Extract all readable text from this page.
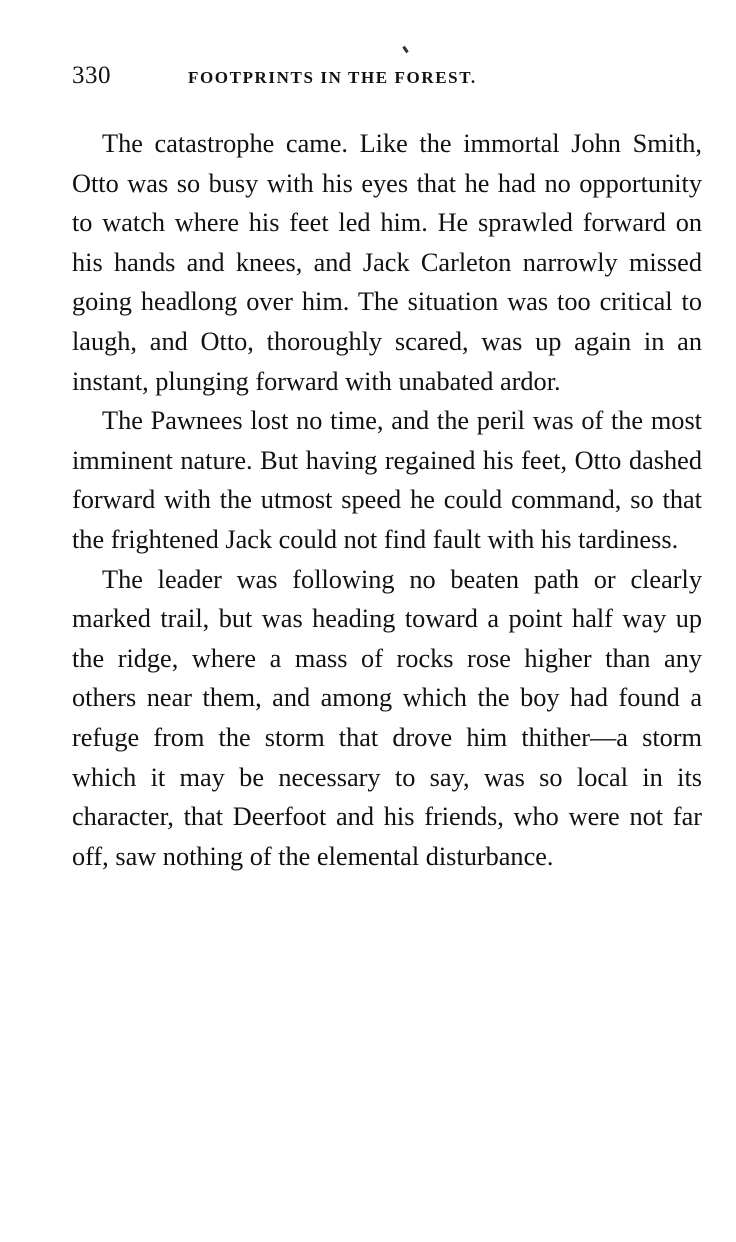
330	FOOTPRINTS IN THE FOREST.

The catastrophe came. Like the immortal John Smith, Otto was so busy with his eyes that he had no opportunity to watch where his feet led him. He sprawled forward on his hands and knees, and Jack Carleton narrowly missed going headlong over him. The situation was too critical to laugh, and Otto, thoroughly scared, was up again in an instant, plunging forward with unabated ardor.

The Pawnees lost no time, and the peril was of the most imminent nature. But having regained his feet, Otto dashed forward with the utmost speed he could command, so that the frightened Jack could not find fault with his tardiness.

The leader was following no beaten path or clearly marked trail, but was heading toward a point half way up the ridge, where a mass of rocks rose higher than any others near them, and among which the boy had found a refuge from the storm that drove him thither—a storm which it may be necessary to say, was so local in its character, that Deerfoot and his friends, who were not far off, saw nothing of the elemental disturbance.
